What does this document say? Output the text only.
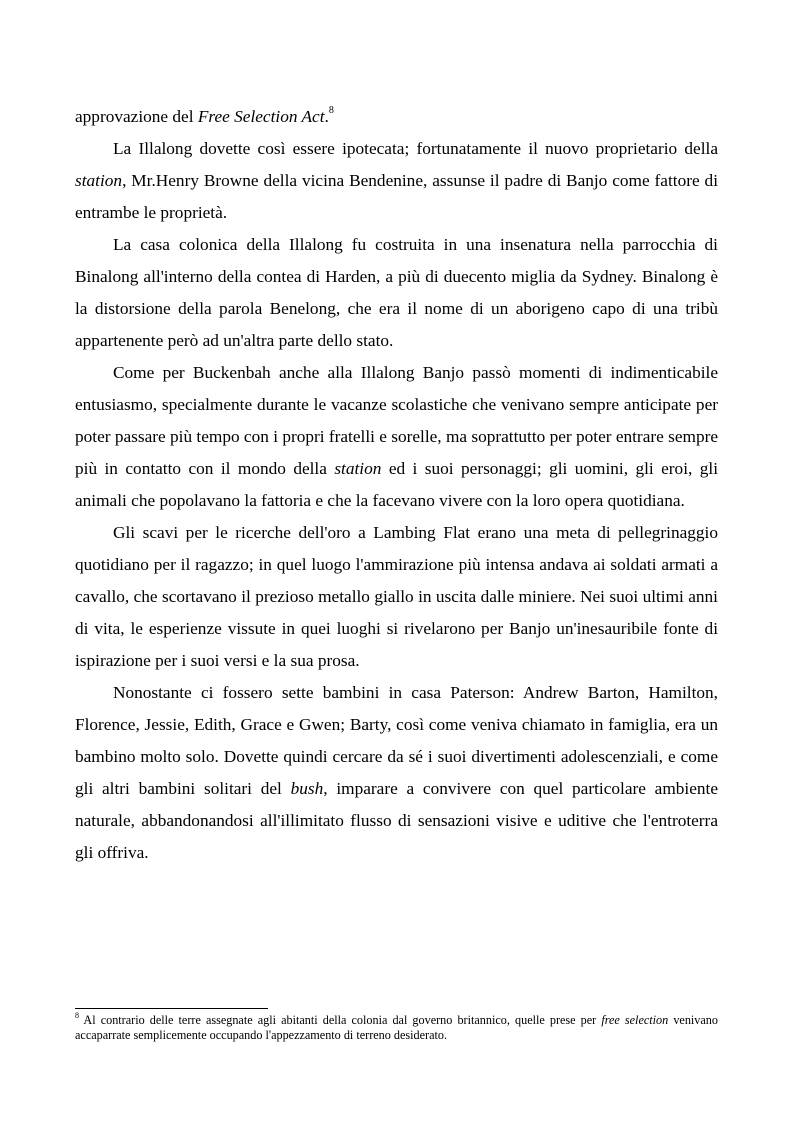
approvazione del Free Selection Act.$^8$

La Illalong dovette così essere ipotecata; fortunatamente il nuovo proprietario della station, Mr.Henry Browne della vicina Bendenine, assunse il padre di Banjo come fattore di entrambe le proprietà.

La casa colonica della Illalong fu costruita in una insenatura nella parrocchia di Binalong all'interno della contea di Harden, a più di duecento miglia da Sydney. Binalong è la distorsione della parola Benelong, che era il nome di un aborigeno capo di una tribù appartenente però ad un'altra parte dello stato.

Come per Buckenbah anche alla Illalong Banjo passò momenti di indimenticabile entusiasmo, specialmente durante le vacanze scolastiche che venivano sempre anticipate per poter passare più tempo con i propri fratelli e sorelle, ma soprattutto per poter entrare sempre più in contatto con il mondo della station ed i suoi personaggi; gli uomini, gli eroi, gli animali che popolavano la fattoria e che la facevano vivere con la loro opera quotidiana.

Gli scavi per le ricerche dell'oro a Lambing Flat erano una meta di pellegrinaggio quotidiano per il ragazzo; in quel luogo l'ammirazione più intensa andava ai soldati armati a cavallo, che scortavano il prezioso metallo giallo in uscita dalle miniere. Nei suoi ultimi anni di vita, le esperienze vissute in quei luoghi si rivelarono per Banjo un'inesauribile fonte di ispirazione per i suoi versi e la sua prosa.

Nonostante ci fossero sette bambini in casa Paterson: Andrew Barton, Hamilton, Florence, Jessie, Edith, Grace e Gwen; Barty, così come veniva chiamato in famiglia, era un bambino molto solo. Dovette quindi cercare da sé i suoi divertimenti adolescenziali, e come gli altri bambini solitari del bush, imparare a convivere con quel particolare ambiente naturale, abbandonandosi all'illimitato flusso di sensazioni visive e uditive che l'entroterra gli offriva.

$^8$ Al contrario delle terre assegnate agli abitanti della colonia dal governo britannico, quelle prese per free selection venivano accaparrate semplicemente occupando l'appezzamento di terreno desiderato.
